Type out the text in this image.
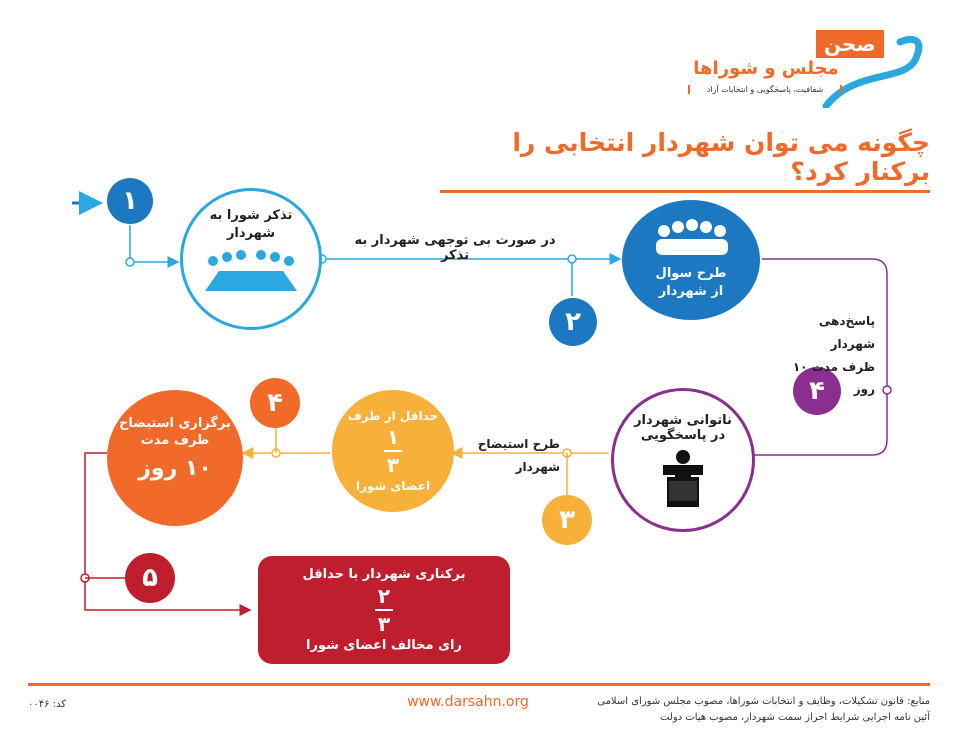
صحن
مجلس و شوراها
شفافیت، پاسخگویی و انتخابات آزاد
چگونه می توان شهردار انتخابی را برکنار کرد؟
۱
۲
۴
۳
۴
۵
تذکر شورا به شهردار
طرح سوال از شهردار
در صورت بی توجهی شهردار به تذکر
پاسخ‌دهی شهردار
ظرف مدت ۱۰ روز
طرح استیضاح
شهردار
ناتوانی شهردار
در پاسخگویی
حداقل از طرف
$\frac{۱}{۳}$
اعضای شورا
برگزاری استیضاح
ظرف مدت
۱۰ روز
برکناری شهردار با حداقل
$\frac{۲}{۳}$
رای مخالف اعضای شورا
منابع: قانون تشکیلات، وظایف و انتخابات شوراها، مصوب مجلس شورای اسلامی
آئین نامه اجرایی شرایط احراز سمت شهردار، مصوب هیات دولت
www.darsahn.org
کد: ۰۰۴۶
